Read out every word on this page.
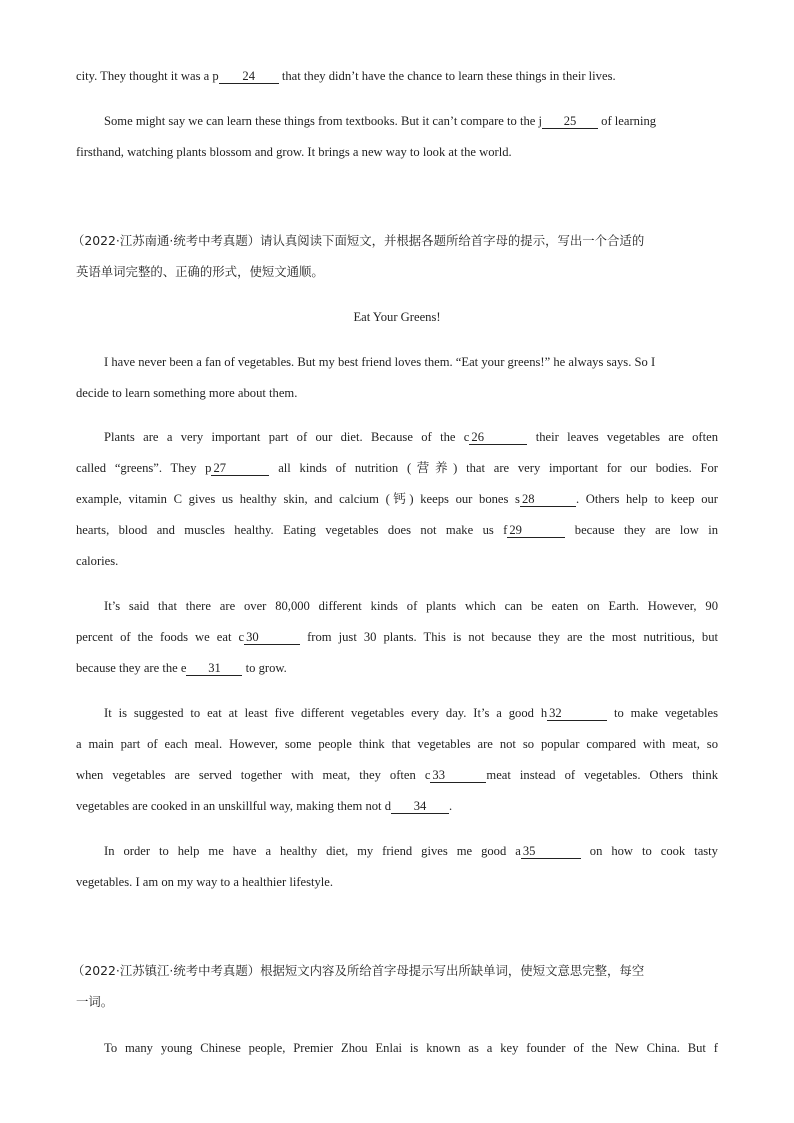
city. They thought it was a p 24 that they didn’t have the chance to learn these things in their lives.
Some might say we can learn these things from textbooks. But it can’t compare to the j 25 of learning
firsthand, watching plants blossom and grow. It brings a new way to look at the world.
（2022·江苏南通·统考中考真题）请认真阅读下面短文，并根据各题所给首字母的提示，写出一个合适的
英语单词完整的、正确的形式，使短文通顺。
Eat Your Greens!
I have never been a fan of vegetables. But my best friend loves them. “Eat your greens!” he always says. So I
decide to learn something more about them.
Plants are a very important part of our diet. Because of the c 26	their leaves vegetables are often
called “greens”. They p 27	all kinds of nutrition (营养) that are very important for our bodies. For
example, vitamin C gives us healthy skin, and calcium (钙) keeps our bones s 28	. Others help to keep our
hearts, blood and muscles healthy. Eating vegetables does not make us f 29	because they are low in
calories.
It’s said that there are over 80,000 different kinds of plants which can be eaten on Earth. However, 90
percent of the foods we eat c 30	from just 30 plants. This is not because they are the most nutritious, but
because they are the e 31 to grow.
It is suggested to eat at least five different vegetables every day. It’s a good h 32	to make vegetables
a main part of each meal. However, some people think that vegetables are not so popular compared with meat, so
when vegetables are served together with meat, they often c 33	meat instead of vegetables. Others think
vegetables are cooked in an unskillful way, making them not d 34 .
In order to help me have a healthy diet, my friend gives me good a 35	on how to cook tasty
vegetables. I am on my way to a healthier lifestyle.
（2022·江苏镇江·统考中考真题）根据短文内容及所给首字母提示写出所缺单词，使短文意思完整，每空
一词。
To many young Chinese people, Premier Zhou Enlai is known as a key founder of the New China. But f
